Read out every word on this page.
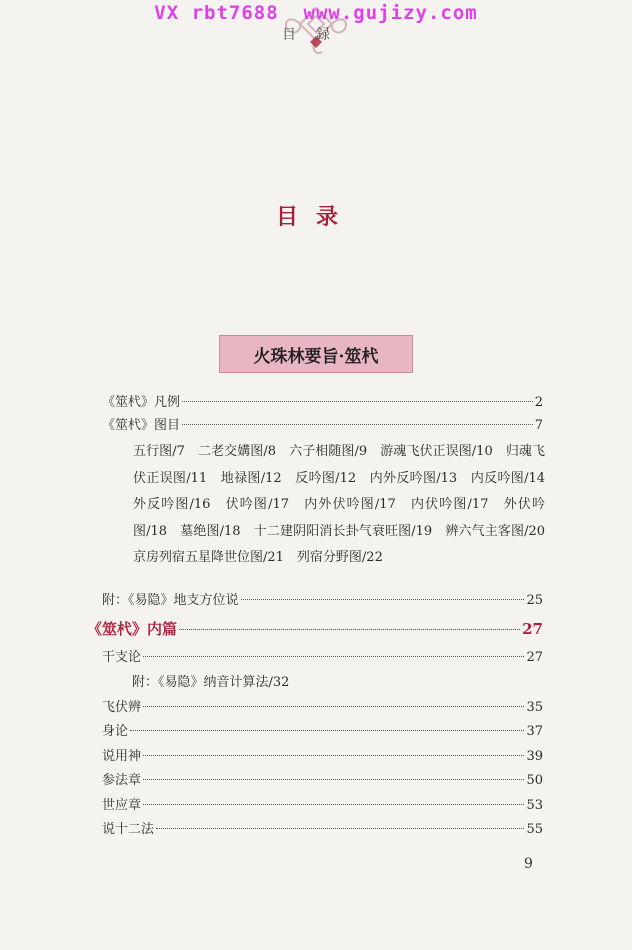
VX rbt7688  www.gujizy.com
目録
目录
火珠林要旨·筮杙
《筮杙》凡例	2
《筮杙》图目	7
五行图/7　二老交媾图/8　六子相随图/9　游魂飞伏正误图/10　归魂飞伏正误图/11　地禄图/12　反吟图/12　内外反吟图/13　内反吟图/14　外反吟图/16　伏吟图/17　内外伏吟图/17　内伏吟图/17　外伏吟图/18　墓绝图/18　十二建阴阳消长卦气衰旺图/19　辨六气主客图/20　京房列宿五星降世位图/21　列宿分野图/22
附：《易隐》地支方位说	25
《筮杙》内篇	27
干支论	27
附：《易隐》纳音计算法/32
飞伏辨	35
身论	37
说用神	39
参法章	50
世应章	53
说十二法	55
9
